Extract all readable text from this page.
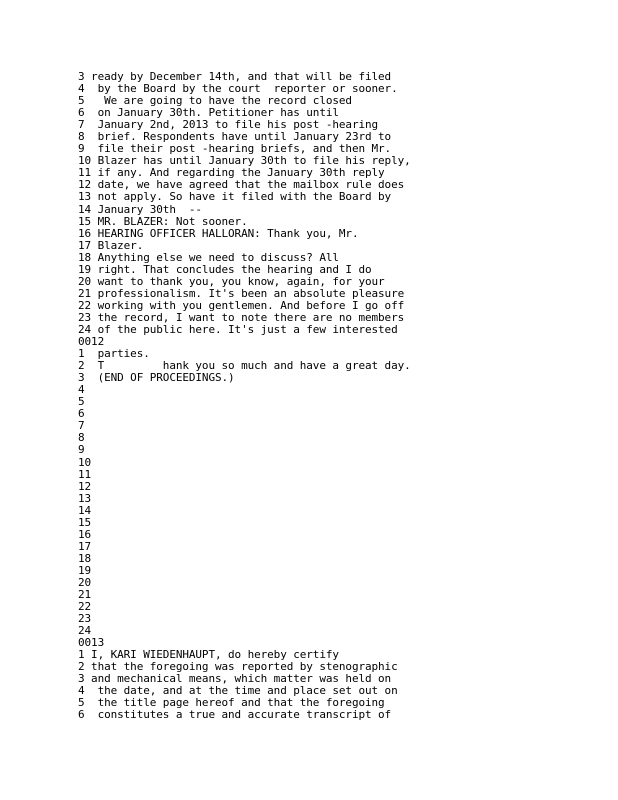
3 ready by December 14th, and that will be filed
4  by the Board by the court  reporter or sooner.
5   We are going to have the record closed
6  on January 30th. Petitioner has until
7  January 2nd, 2013 to file his post -hearing
8  brief. Respondents have until January 23rd to
9  file their post -hearing briefs, and then Mr.
10 Blazer has until January 30th to file his reply,
11 if any. And regarding the January 30th reply
12 date, we have agreed that the mailbox rule does
13 not apply. So have it filed with the Board by
14 January 30th  --
15 MR. BLAZER: Not sooner.
16 HEARING OFFICER HALLORAN: Thank you, Mr.
17 Blazer.
18 Anything else we need to discuss? All
19 right. That concludes the hearing and I do
20 want to thank you, you know, again, for your
21 professionalism. It's been an absolute pleasure
22 working with you gentlemen. And before I go off
23 the record, I want to note there are no members
24 of the public here. It's just a few interested
0012
1  parties.
2  T         hank you so much and have a great day.
3  (END OF PROCEEDINGS.)
4
5
6
7
8
9
10
11
12
13
14
15
16
17
18
19
20
21
22
23
24
0013
1 I, KARI WIEDENHAUPT, do hereby certify
2 that the foregoing was reported by stenographic
3 and mechanical means, which matter was held on
4  the date, and at the time and place set out on
5  the title page hereof and that the foregoing
6  constitutes a true and accurate transcript of
